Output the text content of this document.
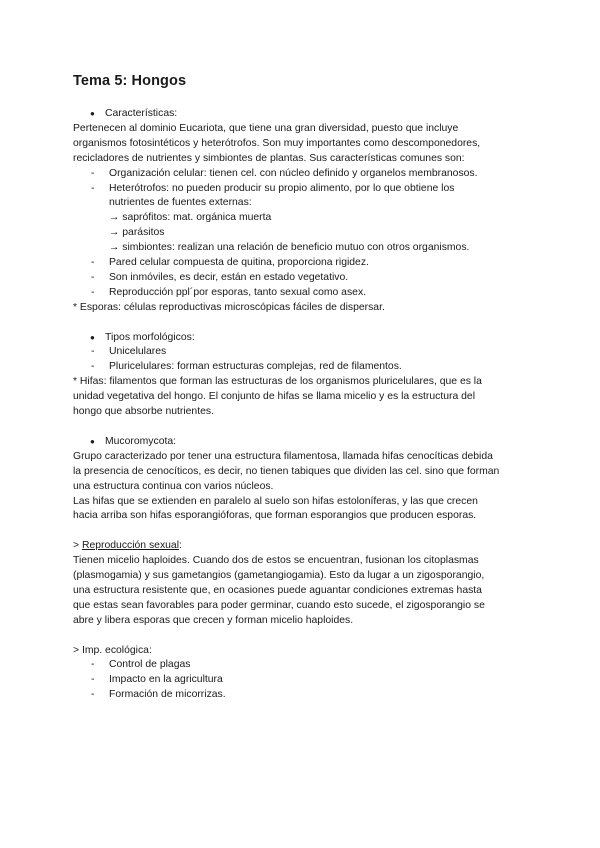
Tema 5: Hongos
● Características:
Pertenecen al dominio Eucariota, que tiene una gran diversidad, puesto que incluye
organismos fotosintéticos y heterótrofos. Son muy importantes como descomponedores,
recicladores de nutrientes y simbiontes de plantas. Sus características comunes son:
- Organización celular: tienen cel. con núcleo definido y organelos membranosos.
- Heterótrofos: no pueden producir su propio alimento, por lo que obtiene los
nutrientes de fuentes externas:
→ saprófitos: mat. orgánica muerta
→ parásitos
→ simbiontes: realizan una relación de beneficio mutuo con otros organismos.
- Pared celular compuesta de quitina, proporciona rigidez.
- Son inmóviles, es decir, están en estado vegetativo.
- Reproducción ppl´por esporas, tanto sexual como asex.
* Esporas: células reproductivas microscópicas fáciles de dispersar.
● Tipos morfológicos:
- Unicelulares
- Pluricelulares: forman estructuras complejas, red de filamentos.
* Hifas: filamentos que forman las estructuras de los organismos pluricelulares, que es la
unidad vegetativa del hongo. El conjunto de hifas se llama micelio y es la estructura del
hongo que absorbe nutrientes.
● Mucoromycota:
Grupo caracterizado por tener una estructura filamentosa, llamada hifas cenocíticas debida
la presencia de cenocíticos, es decir, no tienen tabiques que dividen las cel. sino que forman
una estructura continua con varios núcleos.
Las hifas que se extienden en paralelo al suelo son hifas estoloníferas, y las que crecen
hacia arriba son hifas esporangióforas, que forman esporangios que producen esporas.
> Reproducción sexual:
Tienen micelio haploides. Cuando dos de estos se encuentran, fusionan los citoplasmas
(plasmogamia) y sus gametangios (gametangiogamia). Esto da lugar a un zigosporangio,
una estructura resistente que, en ocasiones puede aguantar condiciones extremas hasta
que estas sean favorables para poder germinar, cuando esto sucede, el zigosporangio se
abre y libera esporas que crecen y forman micelio haploides.
> Imp. ecológica:
- Control de plagas
- Impacto en la agricultura
- Formación de micorrizas.
